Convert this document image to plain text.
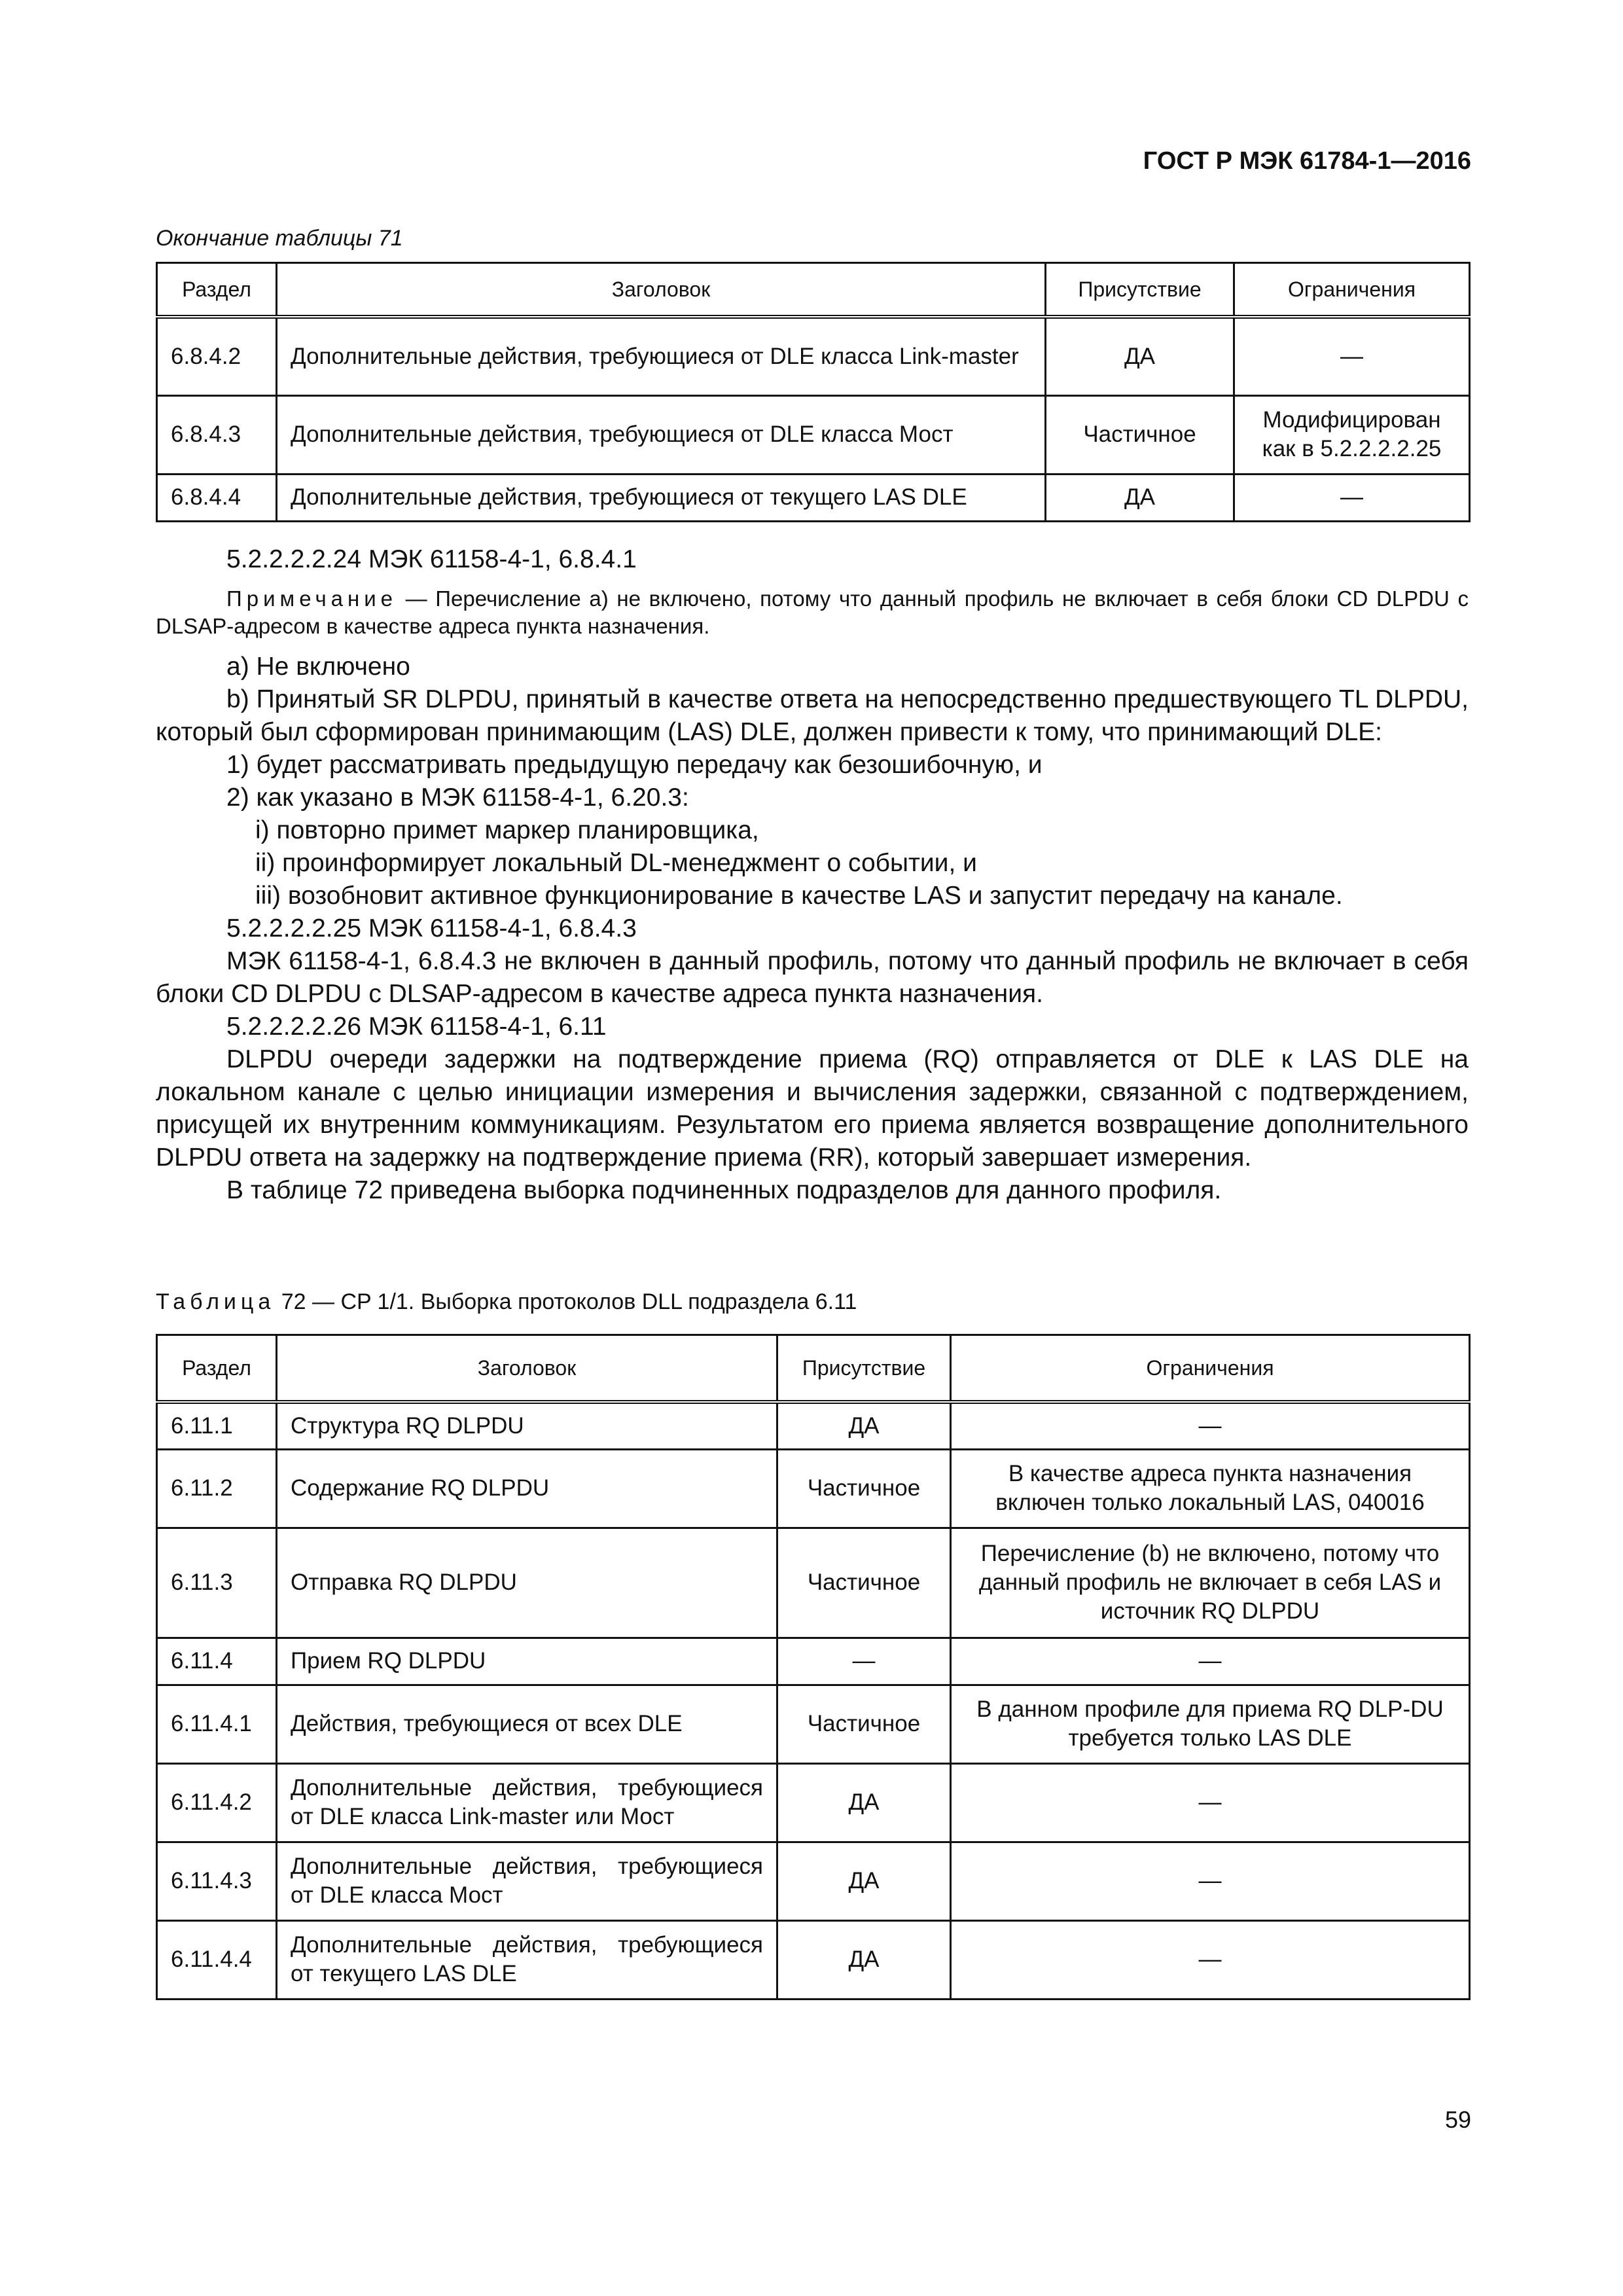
ГОСТ Р МЭК 61784-1—2016
Окончание таблицы 71
Раздел	Заголовок	Присутствие	Ограничения
6.8.4.2	Дополнительные действия, требующиеся от DLE класса Link-master	ДА	—
6.8.4.3	Дополнительные действия, требующиеся от DLE класса Мост	Частичное	Модифицирован как в 5.2.2.2.2.25
6.8.4.4	Дополнительные действия, требующиеся от текущего LAS DLE	ДА	—

5.2.2.2.2.24 МЭК 61158-4-1, 6.8.4.1

Примечание — Перечисление a) не включено, потому что данный профиль не включает в себя блоки CD DLPDU с DLSAP-адресом в качестве адреса пункта назначения.

a) Не включено

b) Принятый SR DLPDU, принятый в качестве ответа на непосредственно предшествующего TL DLPDU, который был сформирован принимающим (LAS) DLE, должен привести к тому, что принимающий DLE:

1) будет рассматривать предыдущую передачу как безошибочную, и

2) как указано в МЭК 61158-4-1, 6.20.3:

i) повторно примет маркер планировщика,

ii) проинформирует локальный DL-менеджмент о событии, и

iii) возобновит активное функционирование в качестве LAS и запустит передачу на канале.

5.2.2.2.2.25 МЭК 61158-4-1, 6.8.4.3

МЭК 61158-4-1, 6.8.4.3 не включен в данный профиль, потому что данный профиль не включает в себя блоки CD DLPDU с DLSAP-адресом в качестве адреса пункта назначения.

5.2.2.2.2.26 МЭК 61158-4-1, 6.11

DLPDU очереди задержки на подтверждение приема (RQ) отправляется от DLE к LAS DLE на локальном канале с целью инициации измерения и вычисления задержки, связанной с подтверждением, присущей их внутренним коммуникациям. Результатом его приема является возвращение дополнительного DLPDU ответа на задержку на подтверждение приема (RR), который завершает измерения.

В таблице 72 приведена выборка подчиненных подразделов для данного профиля.

Таблица 72 — CP 1/1. Выборка протоколов DLL подраздела 6.11
Раздел	Заголовок	Присутствие	Ограничения
6.11.1	Структура RQ DLPDU	ДА	—
6.11.2	Содержание RQ DLPDU	Частичное	В качестве адреса пункта назначения включен только локальный LAS, 040016
6.11.3	Отправка RQ DLPDU	Частичное	Перечисление (b) не включено, потому что данный профиль не включает в себя LAS и источник RQ DLPDU
6.11.4	Прием RQ DLPDU	—	—
6.11.4.1	Действия, требующиеся от всех DLE	Частичное	В данном профиле для приема RQ DLP-DU требуется только LAS DLE
6.11.4.2	Дополнительные действия, требующиеся от DLE класса Link-master или Мост	ДА	—
6.11.4.3	Дополнительные действия, требующиеся от DLE класса Мост	ДА	—
6.11.4.4	Дополнительные действия, требующиеся от текущего LAS DLE	ДА	—
59
